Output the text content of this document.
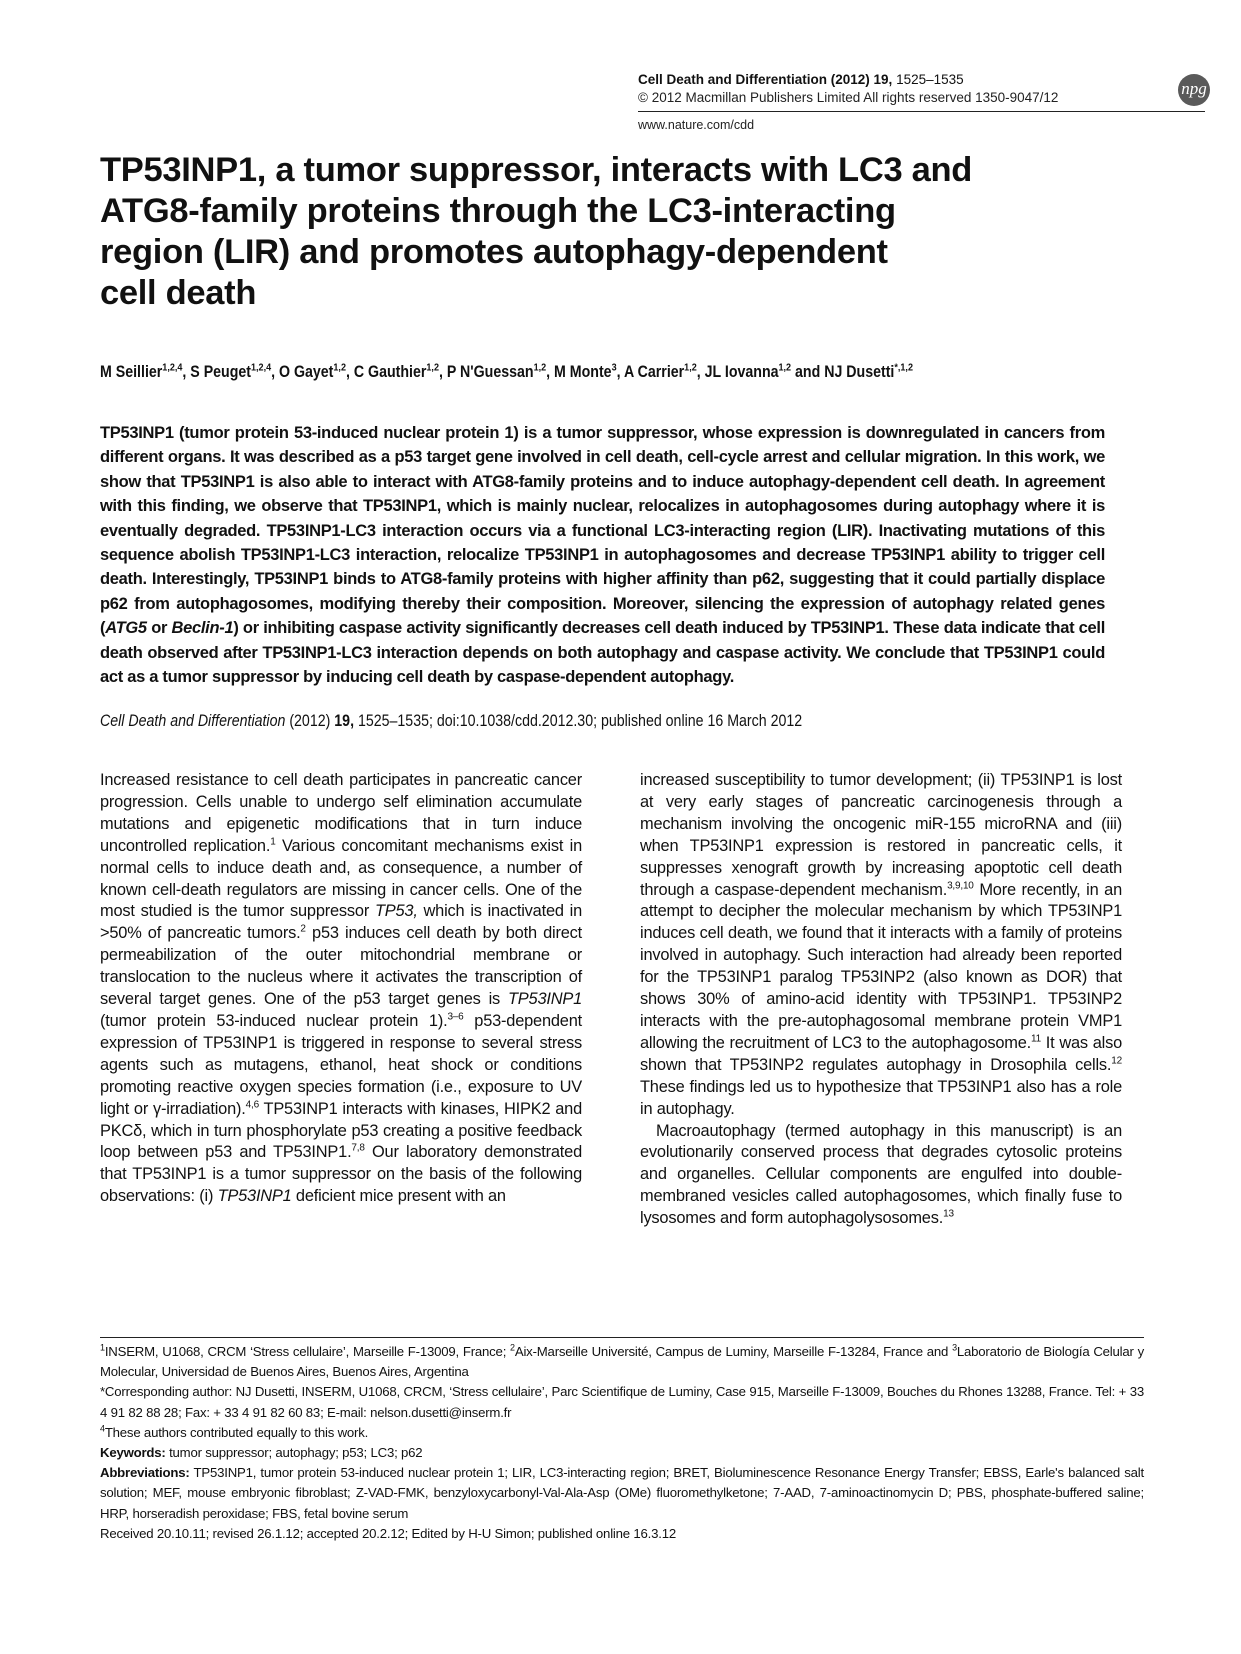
Cell Death and Differentiation (2012) 19, 1525–1535
© 2012 Macmillan Publishers Limited All rights reserved 1350-9047/12
www.nature.com/cdd
npg
TP53INP1, a tumor suppressor, interacts with LC3 and
ATG8-family proteins through the LC3-interacting
region (LIR) and promotes autophagy-dependent
cell death
M Seillier$^{1,2,4}$, S Peuget$^{1,2,4}$, O Gayet$^{1,2}$, C Gauthier$^{1,2}$, P N'Guessan$^{1,2}$, M Monte$^3$, A Carrier$^{1,2}$, JL Iovanna$^{1,2}$ and NJ Dusetti$^{*,1,2}$

TP53INP1 (tumor protein 53-induced nuclear protein 1) is a tumor suppressor, whose expression is downregulated in cancers from different organs. It was described as a p53 target gene involved in cell death, cell-cycle arrest and cellular migration. In this work, we show that TP53INP1 is also able to interact with ATG8-family proteins and to induce autophagy-dependent cell death. In agreement with this finding, we observe that TP53INP1, which is mainly nuclear, relocalizes in autophagosomes during autophagy where it is eventually degraded. TP53INP1-LC3 interaction occurs via a functional LC3-interacting region (LIR). Inactivating mutations of this sequence abolish TP53INP1-LC3 interaction, relocalize TP53INP1 in autophagosomes and decrease TP53INP1 ability to trigger cell death. Interestingly, TP53INP1 binds to ATG8-family proteins with higher affinity than p62, suggesting that it could partially displace p62 from autophagosomes, modifying thereby their composition. Moreover, silencing the expression of autophagy related genes (ATG5 or Beclin-1) or inhibiting caspase activity significantly decreases cell death induced by TP53INP1. These data indicate that cell death observed after TP53INP1-LC3 interaction depends on both autophagy and caspase activity. We conclude that TP53INP1 could act as a tumor suppressor by inducing cell death by caspase-dependent autophagy.

Cell Death and Differentiation (2012) 19, 1525–1535; doi:10.1038/cdd.2012.30; published online 16 March 2012

Increased resistance to cell death participates in pancreatic cancer progression. Cells unable to undergo self elimination accumulate mutations and epigenetic modifications that in turn induce uncontrolled replication.$^1$ Various concomitant mechanisms exist in normal cells to induce death and, as consequence, a number of known cell-death regulators are missing in cancer cells. One of the most studied is the tumor suppressor TP53, which is inactivated in >50% of pancreatic tumors.$^2$ p53 induces cell death by both direct permeabilization of the outer mitochondrial membrane or translocation to the nucleus where it activates the transcription of several target genes. One of the p53 target genes is TP53INP1 (tumor protein 53-induced nuclear protein 1).$^{3-6}$ p53-dependent expression of TP53INP1 is triggered in response to several stress agents such as mutagens, ethanol, heat shock or conditions promoting reactive oxygen species formation (i.e., exposure to UV light or γ-irradiation).$^{4,6}$ TP53INP1 interacts with kinases, HIPK2 and PKCδ, which in turn phosphorylate p53 creating a positive feedback loop between p53 and TP53INP1.$^{7,8}$ Our laboratory demonstrated that TP53INP1 is a tumor suppressor on the basis of the following observations: (i) TP53INP1 deficient mice present with an

increased susceptibility to tumor development; (ii) TP53INP1 is lost at very early stages of pancreatic carcinogenesis through a mechanism involving the oncogenic miR-155 microRNA and (iii) when TP53INP1 expression is restored in pancreatic cells, it suppresses xenograft growth by increasing apoptotic cell death through a caspase-dependent mechanism.$^{3,9,10}$ More recently, in an attempt to decipher the molecular mechanism by which TP53INP1 induces cell death, we found that it interacts with a family of proteins involved in autophagy. Such interaction had already been reported for the TP53INP1 paralog TP53INP2 (also known as DOR) that shows 30% of amino-acid identity with TP53INP1. TP53INP2 interacts with the pre-autophagosomal membrane protein VMP1 allowing the recruitment of LC3 to the autophagosome.$^{11}$ It was also shown that TP53INP2 regulates autophagy in Drosophila cells.$^{12}$ These findings led us to hypothesize that TP53INP1 also has a role in autophagy.

Macroautophagy (termed autophagy in this manuscript) is an evolutionarily conserved process that degrades cytosolic proteins and organelles. Cellular components are engulfed into double-membraned vesicles called autophagosomes, which finally fuse to lysosomes and form autophagolysosomes.$^{13}$

$^1$INSERM, U1068, CRCM ‘Stress cellulaire’, Marseille F-13009, France; $^2$Aix-Marseille Université, Campus de Luminy, Marseille F-13284, France and $^3$Laboratorio de Biología Celular y Molecular, Universidad de Buenos Aires, Buenos Aires, Argentina

*Corresponding author: NJ Dusetti, INSERM, U1068, CRCM, ‘Stress cellulaire’, Parc Scientifique de Luminy, Case 915, Marseille F-13009, Bouches du Rhones 13288, France. Tel: + 33 4 91 82 88 28; Fax: + 33 4 91 82 60 83; E-mail: nelson.dusetti@inserm.fr

$^4$These authors contributed equally to this work.

Keywords: tumor suppressor; autophagy; p53; LC3; p62

Abbreviations: TP53INP1, tumor protein 53-induced nuclear protein 1; LIR, LC3-interacting region; BRET, Bioluminescence Resonance Energy Transfer; EBSS, Earle's balanced salt solution; MEF, mouse embryonic fibroblast; Z-VAD-FMK, benzyloxycarbonyl-Val-Ala-Asp (OMe) fluoromethylketone; 7-AAD, 7-aminoactinomycin D; PBS, phosphate-buffered saline; HRP, horseradish peroxidase; FBS, fetal bovine serum

Received 20.10.11; revised 26.1.12; accepted 20.2.12; Edited by H-U Simon; published online 16.3.12
